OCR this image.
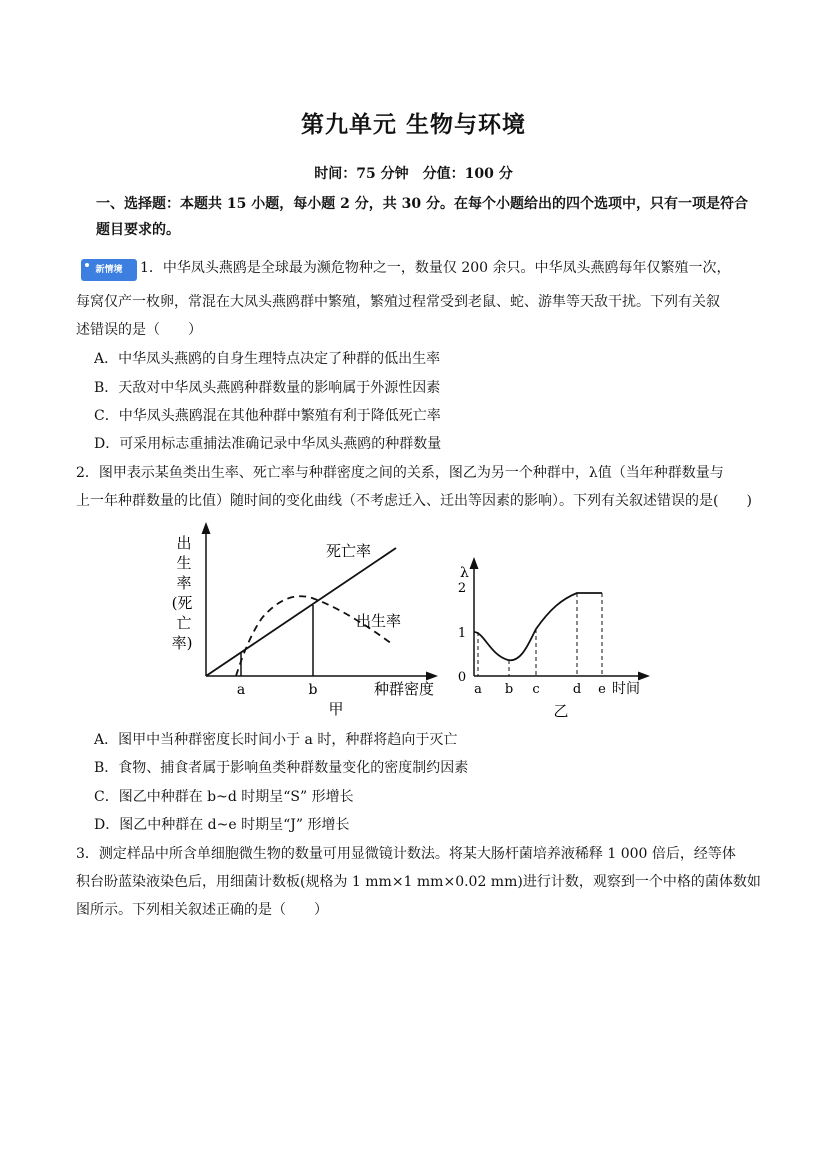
第九单元 生物与环境
时间：75 分钟　分值：100 分
一、选择题：本题共 15 小题，每小题 2 分，共 30 分。在每个小题给出的四个选项中，只有一项是符合题目要求的。
新情境	1．中华凤头燕鸥是全球最为濒危物种之一，数量仅 200 余只。中华凤头燕鸥每年仅繁殖一次，
每窝仅产一枚卵，常混在大凤头燕鸥群中繁殖，繁殖过程常受到老鼠、蛇、游隼等天敌干扰。下列有关叙
述错误的是（　　）
A．中华凤头燕鸥的自身生理特点决定了种群的低出生率
B．天敌对中华凤头燕鸥种群数量的影响属于外源性因素
C．中华凤头燕鸥混在其他种群中繁殖有利于降低死亡率
D．可采用标志重捕法准确记录中华凤头燕鸥的种群数量
2．图甲表示某鱼类出生率、死亡率与种群密度之间的关系，图乙为另一个种群中，λ值（当年种群数量与
上一年种群数量的比值）随时间的变化曲线（不考虑迁入、迁出等因素的影响）。下列有关叙述错误的是(　　)
出
生
率
(死
亡
率)
死亡率
出生率
a	b	种群密度
甲
λ
2
1
0
a b c	d e 时间
乙
A．图甲中当种群密度长时间小于 a 时，种群将趋向于灭亡
B．食物、捕食者属于影响鱼类种群数量变化的密度制约因素
C．图乙中种群在 b~d 时期呈“S” 形增长
D．图乙中种群在 d~e 时期呈“J” 形增长
3．测定样品中所含单细胞微生物的数量可用显微镜计数法。将某大肠杆菌培养液稀释 1 000 倍后，经等体
积台盼蓝染液染色后，用细菌计数板(规格为 1 mm×1 mm×0.02 mm)进行计数，观察到一个中格的菌体数如
图所示。下列相关叙述正确的是（　　）
